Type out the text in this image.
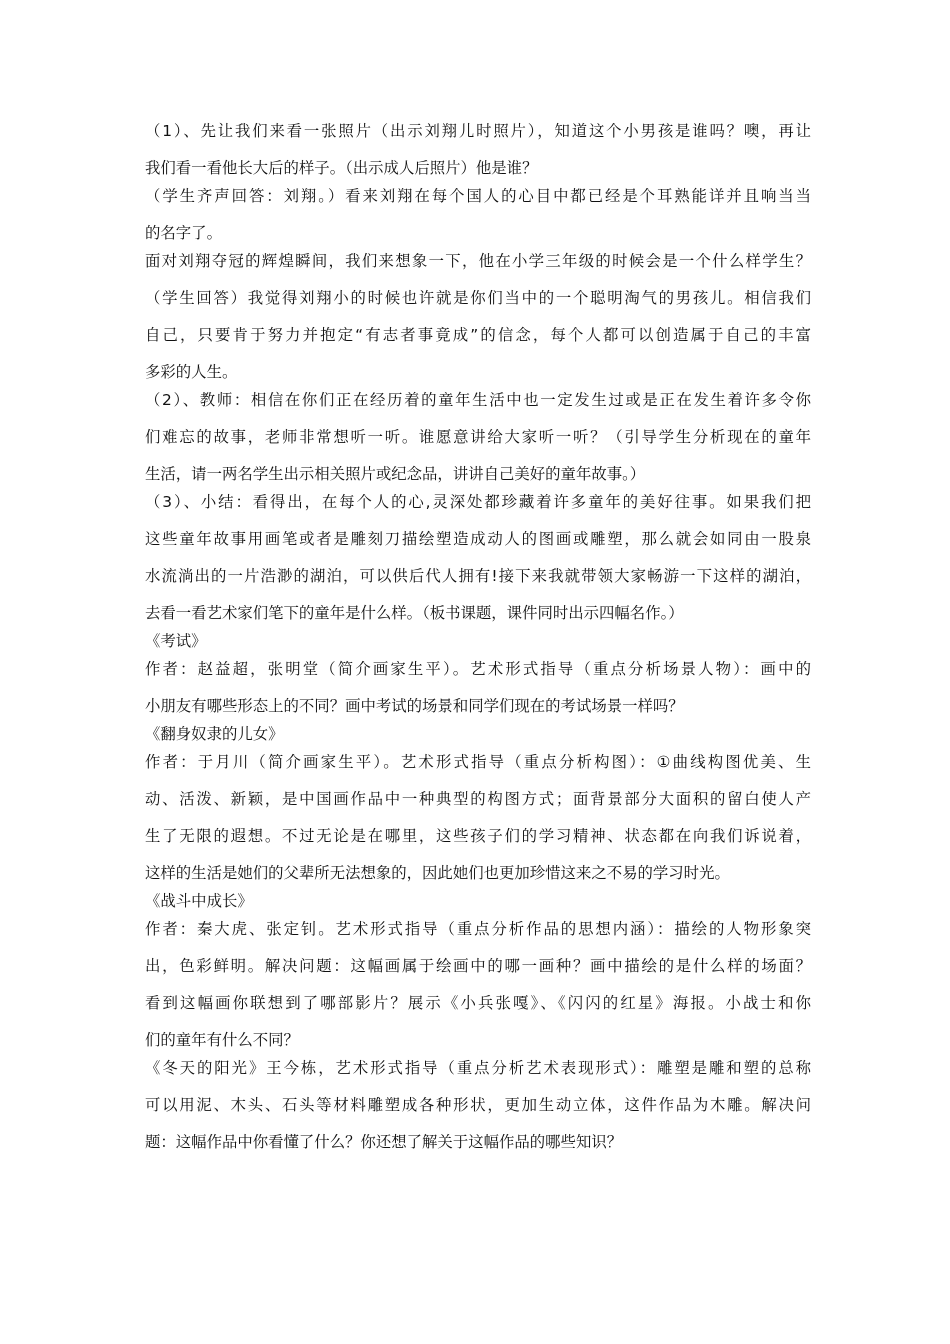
（1）、先让我们来看一张照片（出示刘翔儿时照片），知道这个小男孩是谁吗？噢，再让

我们看一看他长大后的样子。（出示成人后照片）他是谁？

（学生齐声回答：刘翔。）看来刘翔在每个国人的心目中都已经是个耳熟能详并且响当当

的名字了。

面对刘翔夺冠的辉煌瞬间，我们来想象一下，他在小学三年级的时候会是一个什么样学生？

（学生回答）我觉得刘翔小的时候也许就是你们当中的一个聪明淘气的男孩儿。相信我们

自己，只要肯于努力并抱定“有志者事竟成”的信念，每个人都可以创造属于自己的丰富

多彩的人生。

（2）、教师：相信在你们正在经历着的童年生活中也一定发生过或是正在发生着许多令你

们难忘的故事，老师非常想听一听。谁愿意讲给大家听一听？（引导学生分析现在的童年

生活，请一两名学生出示相关照片或纪念品，讲讲自己美好的童年故事。）

（3）、小结：看得出，在每个人的心,灵深处都珍藏着许多童年的美好往事。如果我们把

这些童年故事用画笔或者是雕刻刀描绘塑造成动人的图画或雕塑，那么就会如同由一股泉

水流淌出的一片浩渺的湖泊，可以供后代人拥有!接下来我就带领大家畅游一下这样的湖泊，

去看一看艺术家们笔下的童年是什么样。（板书课题，课件同时出示四幅名作。）

《考试》

作者：赵益超，张明堂（简介画家生平）。艺术形式指导（重点分析场景人物）：画中的

小朋友有哪些形态上的不同？画中考试的场景和同学们现在的考试场景一样吗？

《翻身奴隶的儿女》

作者：于月川（简介画家生平）。艺术形式指导（重点分析构图）：①曲线构图优美、生

动、活泼、新颖，是中国画作品中一种典型的构图方式；面背景部分大面积的留白使人产

生了无限的遐想。不过无论是在哪里，这些孩子们的学习精神、状态都在向我们诉说着，

这样的生活是她们的父辈所无法想象的，因此她们也更加珍惜这来之不易的学习时光。

《战斗中成长》

作者：秦大虎、张定钊。艺术形式指导（重点分析作品的思想内涵）：描绘的人物形象突

出，色彩鲜明。解决问题：这幅画属于绘画中的哪一画种？画中描绘的是什么样的场面？

看到这幅画你联想到了哪部影片？展示《小兵张嘎》、《闪闪的红星》海报。小战士和你

们的童年有什么不同？

《冬天的阳光》王今栋，艺术形式指导（重点分析艺术表现形式）：雕塑是雕和塑的总称

可以用泥、木头、石头等材料雕塑成各种形状，更加生动立体，这件作品为木雕。解决问

题：这幅作品中你看懂了什么？你还想了解关于这幅作品的哪些知识？
